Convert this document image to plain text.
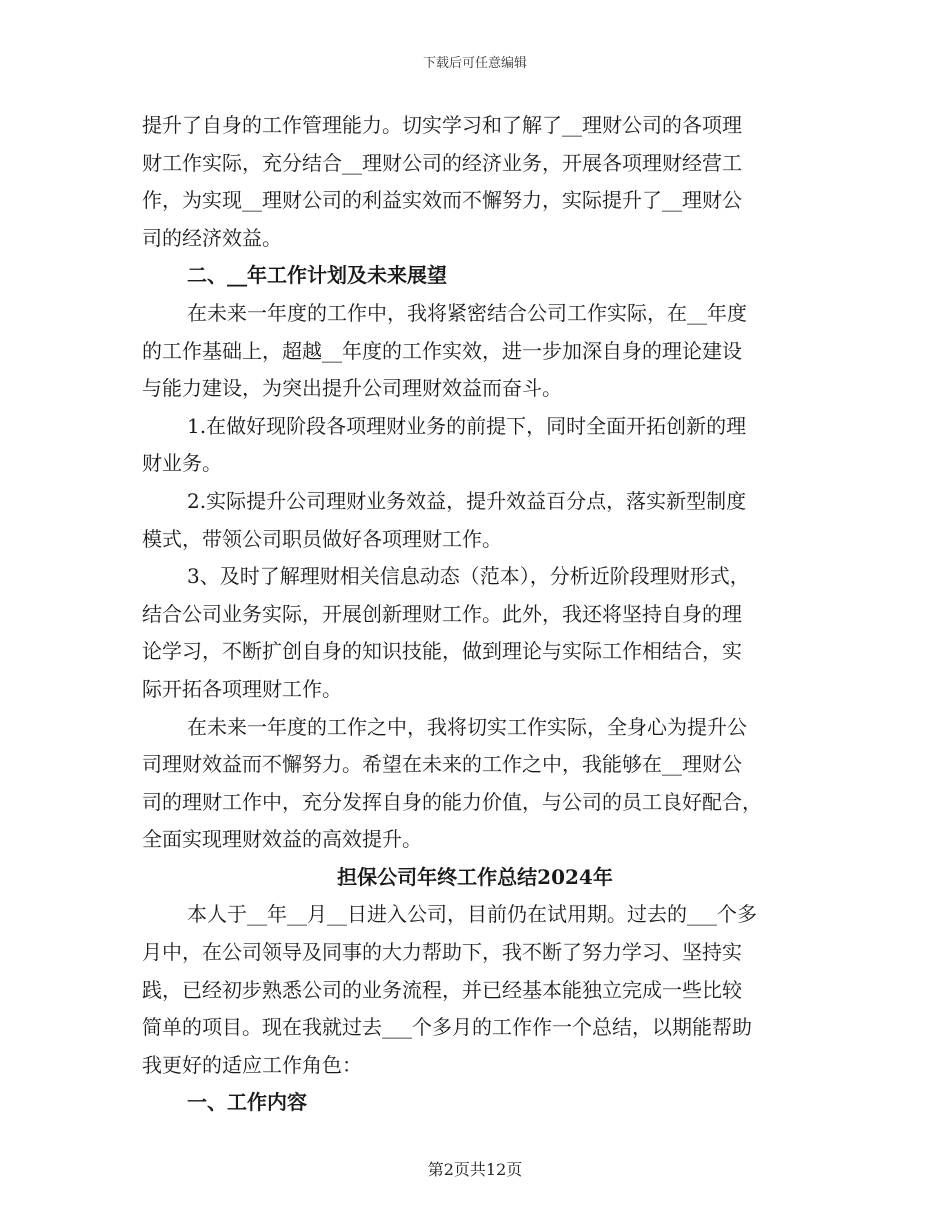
下载后可任意编辑
提升了自身的工作管理能力。切实学习和了解了__理财公司的各项理
财工作实际，充分结合__理财公司的经济业务，开展各项理财经营工
作，为实现__理财公司的利益实效而不懈努力，实际提升了__理财公
司的经济效益。
二、__年工作计划及未来展望
在未来一年度的工作中，我将紧密结合公司工作实际，在__年度
的工作基础上，超越__年度的工作实效，进一步加深自身的理论建设
与能力建设，为突出提升公司理财效益而奋斗。
1.在做好现阶段各项理财业务的前提下，同时全面开拓创新的理
财业务。
2.实际提升公司理财业务效益，提升效益百分点，落实新型制度
模式，带领公司职员做好各项理财工作。
3、及时了解理财相关信息动态（范本），分析近阶段理财形式，
结合公司业务实际，开展创新理财工作。此外，我还将坚持自身的理
论学习，不断扩创自身的知识技能，做到理论与实际工作相结合，实
际开拓各项理财工作。
在未来一年度的工作之中，我将切实工作实际，全身心为提升公
司理财效益而不懈努力。希望在未来的工作之中，我能够在__理财公
司的理财工作中，充分发挥自身的能力价值，与公司的员工良好配合，
全面实现理财效益的高效提升。
担保公司年终工作总结2024年
本人于__年__月__日进入公司，目前仍在试用期。过去的___个多
月中，在公司领导及同事的大力帮助下，我不断了努力学习、坚持实
践，已经初步熟悉公司的业务流程，并已经基本能独立完成一些比较
简单的项目。现在我就过去___个多月的工作作一个总结，以期能帮助
我更好的适应工作角色：
一、工作内容
第2页共12页
